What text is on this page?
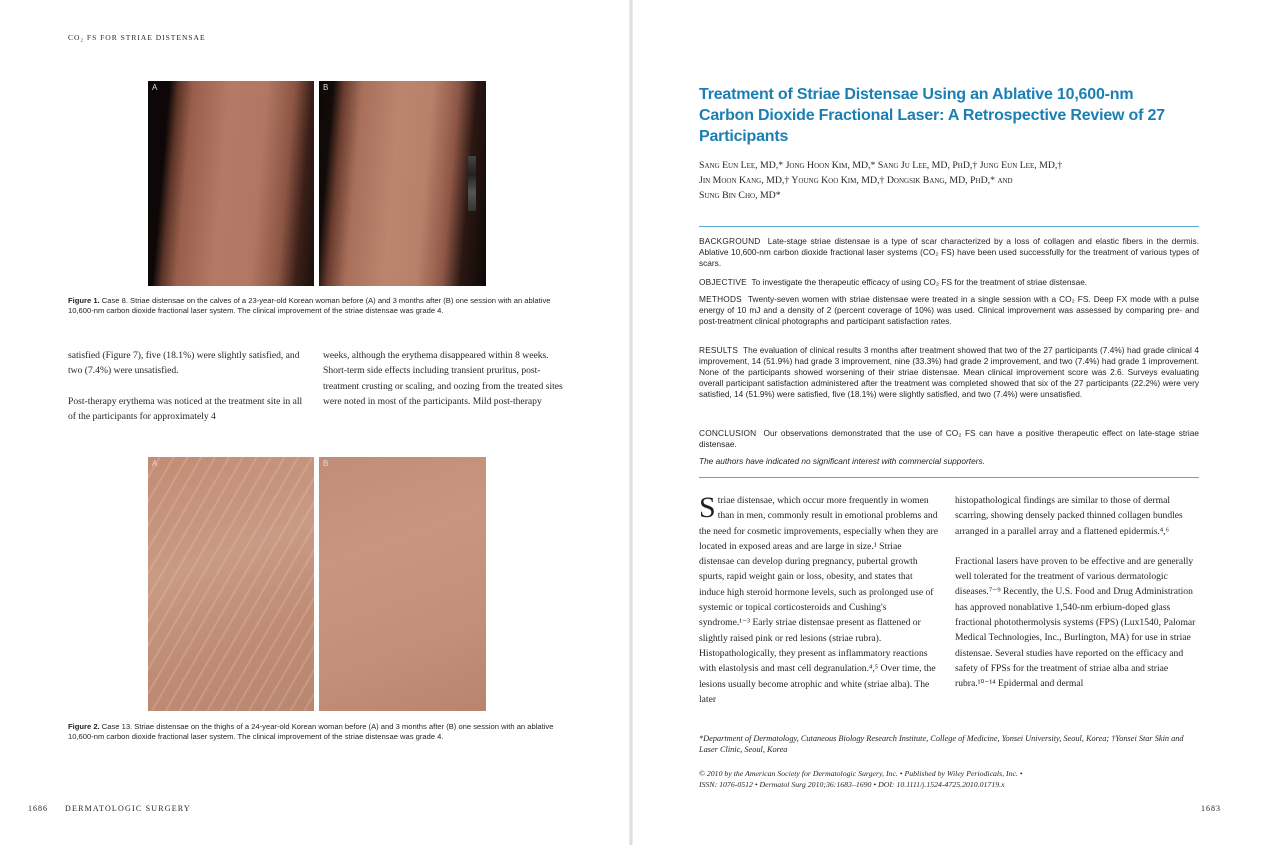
CO₂ FS FOR STRIAE DISTENSAE
A	B
Figure 1. Case 8. Striae distensae on the calves of a 23-year-old Korean woman before (A) and 3 months after (B) one session with an ablative 10,600-nm carbon dioxide fractional laser system. The clinical improvement of the striae distensae was grade 4.

satisfied (Figure 7), five (18.1%) were slightly satisfied, and two (7.4%) were unsatisfied.

Post-therapy erythema was noticed at the treatment site in all of the participants for approximately 4

weeks, although the erythema disappeared within 8 weeks. Short-term side effects including transient pruritus, post-treatment crusting or scaling, and oozing from the treated sites were noted in most of the participants. Mild post-therapy

A	B
Figure 2. Case 13. Striae distensae on the thighs of a 24-year-old Korean woman before (A) and 3 months after (B) one session with an ablative 10,600-nm carbon dioxide fractional laser system. The clinical improvement of the striae distensae was grade 4.
1686 DERMATOLOGIC SURGERY
Treatment of Striae Distensae Using an Ablative 10,600-nm Carbon Dioxide Fractional Laser: A Retrospective Review of 27 Participants
Sang Eun Lee, MD,* Jong Hoon Kim, MD,* Sang Ju Lee, MD, PhD,† Jung Eun Lee, MD,†
Jin Moon Kang, MD,† Young Koo Kim, MD,† Dongsik Bang, MD, PhD,* and
Sung Bin Cho, MD*
BACKGROUND Late-stage striae distensae is a type of scar characterized by a loss of collagen and elastic fibers in the dermis. Ablative 10,600-nm carbon dioxide fractional laser systems (CO₂ FS) have been used successfully for the treatment of various types of scars.
OBJECTIVE To investigate the therapeutic efficacy of using CO₂ FS for the treatment of striae distensae.
METHODS Twenty-seven women with striae distensae were treated in a single session with a CO₂ FS. Deep FX mode with a pulse energy of 10 mJ and a density of 2 (percent coverage of 10%) was used. Clinical improvement was assessed by comparing pre- and post-treatment clinical photographs and participant satisfaction rates.
RESULTS The evaluation of clinical results 3 months after treatment showed that two of the 27 participants (7.4%) had grade clinical 4 improvement, 14 (51.9%) had grade 3 improvement, nine (33.3%) had grade 2 improvement, and two (7.4%) had grade 1 improvement. None of the participants showed worsening of their striae distensae. Mean clinical improvement score was 2.6. Surveys evaluating overall participant satisfaction administered after the treatment was completed showed that six of the 27 participants (22.2%) were very satisfied, 14 (51.9%) were satisfied, five (18.1%) were slightly satisfied, and two (7.4%) were unsatisfied.
CONCLUSION Our observations demonstrated that the use of CO₂ FS can have a positive therapeutic effect on late-stage striae distensae.
The authors have indicated no significant interest with commercial supporters.

Striae distensae, which occur more frequently in women than in men, commonly result in emotional problems and the need for cosmetic improvements, especially when they are located in exposed areas and are large in size.¹ Striae distensae can develop during pregnancy, pubertal growth spurts, rapid weight gain or loss, obesity, and states that induce high steroid hormone levels, such as prolonged use of systemic or topical corticosteroids and Cushing's syndrome.¹⁻³ Early striae distensae present as flattened or slightly raised pink or red lesions (striae rubra). Histopathologically, they present as inflammatory reactions with elastolysis and mast cell degranulation.⁴,⁵ Over time, the lesions usually become atrophic and white (striae alba). The later

histopathological findings are similar to those of dermal scarring, showing densely packed thinned collagen bundles arranged in a parallel array and a flattened epidermis.⁴,⁶

Fractional lasers have proven to be effective and are generally well tolerated for the treatment of various dermatologic diseases.⁷⁻⁹ Recently, the U.S. Food and Drug Administration has approved nonablative 1,540-nm erbium-doped glass fractional photothermolysis systems (FPS) (Lux1540, Palomar Medical Technologies, Inc., Burlington, MA) for use in striae distensae. Several studies have reported on the efficacy and safety of FPSs for the treatment of striae alba and striae rubra.¹⁰⁻¹⁴ Epidermal and dermal

*Department of Dermatology, Cutaneous Biology Research Institute, College of Medicine, Yonsei University, Seoul, Korea; †Yonsei Star Skin and Laser Clinic, Seoul, Korea
© 2010 by the American Society for Dermatologic Surgery, Inc. • Published by Wiley Periodicals, Inc. •
ISSN: 1076-0512 • Dermatol Surg 2010;36:1683–1690 • DOI: 10.1111/j.1524-4725.2010.01719.x
1683
